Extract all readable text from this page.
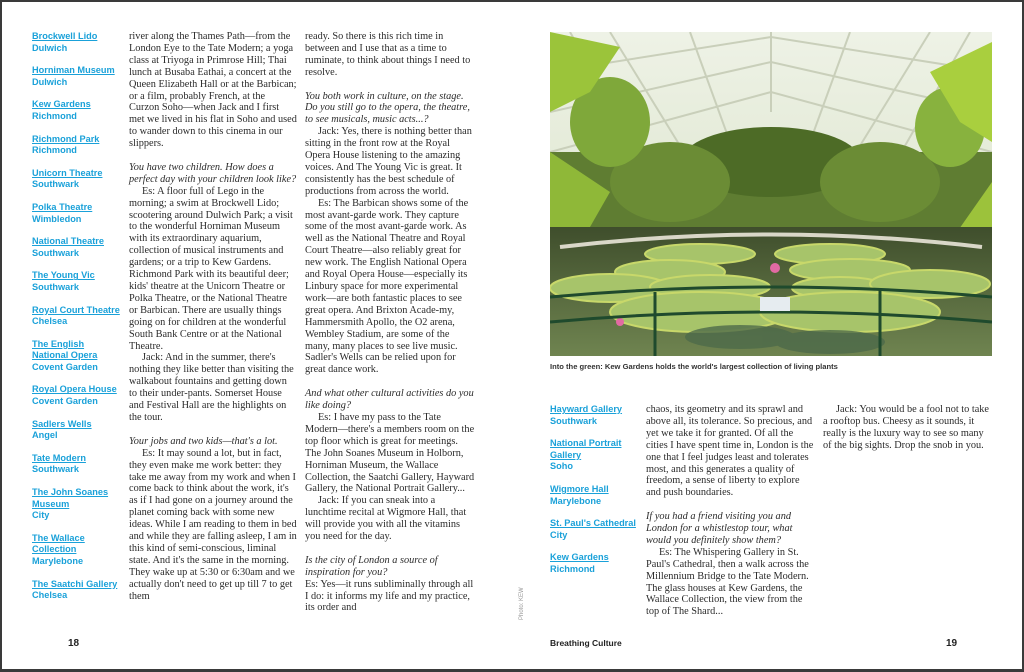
Brockwell Lido
Dulwich
Horniman Museum
Dulwich
Kew Gardens
Richmond
Richmond Park
Richmond
Unicorn Theatre
Southwark
Polka Theatre
Wimbledon
National Theatre
Southwark
The Young Vic
Southwark
Royal Court Theatre
Chelsea
The English National Opera
Covent Garden
Royal Opera House
Covent Garden
Sadlers Wells
Angel
Tate Modern
Southwark
The John Soanes Museum
City
The Wallace Collection
Marylebone
The Saatchi Gallery
Chelsea

river along the Thames Path—from the London Eye to the Tate Modern; a yoga class at Triyoga in Primrose Hill; Thai lunch at Busaba Eathai, a concert at the Queen Elizabeth Hall or at the Barbican; or a film, probably French, at the Curzon Soho—when Jack and I first met we lived in his flat in Soho and used to wander down to this cinema in our slippers.

You have two children. How does a perfect day with your children look like?

Es: A floor full of Lego in the morning; a swim at Brockwell Lido; scootering around Dulwich Park; a visit to the wonderful Horniman Museum with its extraordinary aquarium, collection of musical instruments and gardens; or a trip to Kew Gardens. Richmond Park with its beautiful deer; kids' theatre at the Unicorn Theatre or Polka Theatre, or the National Theatre or Barbican. There are usually things going on for children at the wonderful South Bank Centre or at the National Theatre.

Jack: And in the summer, there's nothing they like better than visiting the walkabout fountains and getting down to their under-pants. Somerset House and Festival Hall are the highlights on the tour.

Your jobs and two kids—that's a lot.

Es: It may sound a lot, but in fact, they even make me work better: they take me away from my work and when I come back to think about the work, it's as if I had gone on a journey around the planet coming back with some new ideas. While I am reading to them in bed and while they are falling asleep, I am in this kind of semi-conscious, liminal state. And it's the same in the morning. They wake up at 5:30 or 6:30am and we actually don't need to get up till 7 to get them

ready. So there is this rich time in between and I use that as a time to ruminate, to think about things I need to resolve.

You both work in culture, on the stage. Do you still go to the opera, the theatre, to see musicals, music acts...?

Jack: Yes, there is nothing better than sitting in the front row at the Royal Opera House listening to the amazing voices. And The Young Vic is great. It consistently has the best schedule of productions from across the world.

Es: The Barbican shows some of the most avant-garde work. They capture some of the most avant-garde work. As well as the National Theatre and Royal Court Theatre—also reliably great for new work. The English National Opera and Royal Opera House—especially its Linbury space for more experimental work—are both fantastic places to see great opera. And Brixton Acade-my, Hammersmith Apollo, the O2 arena, Wembley Stadium, are some of the many, many places to see live music. Sadler's Wells can be relied upon for great dance work.

And what other cultural activities do you like doing?

Es: I have my pass to the Tate Modern—there's a members room on the top floor which is great for meetings. The John Soanes Museum in Holborn, Horniman Museum, the Wallace Collection, the Saatchi Gallery, Hayward Gallery, the National Portrait Gallery...

Jack: If you can sneak into a lunchtime recital at Wigmore Hall, that will provide you with all the vitamins you need for the day.

Is the city of London a source of inspiration for you?

Es: Yes—it runs subliminally through all I do: it informs my life and my practice, its order and

18
Into the green: Kew Gardens holds the world's largest collection of living plants
Photo: KEW
Hayward Gallery
Southwark
National Portrait Gallery
Soho
Wigmore Hall
Marylebone
St. Paul's Cathedral
City
Kew Gardens
Richmond

chaos, its geometry and its sprawl and above all, its tolerance. So precious, and yet we take it for granted. Of all the cities I have spent time in, London is the one that I feel judges least and tolerates most, and this generates a quality of freedom, a sense of liberty to explore and push boundaries.

If you had a friend visiting you and London for a whistlestop tour, what would you definitely show them?

Es: The Whispering Gallery in St. Paul's Cathedral, then a walk across the Millennium Bridge to the Tate Modern. The glass houses at Kew Gardens, the Wallace Collection, the view from the top of The Shard...

Jack: You would be a fool not to take a rooftop bus. Cheesy as it sounds, it really is the luxury way to see so many of the big sights. Drop the snob in you.

Breathing Culture	19
